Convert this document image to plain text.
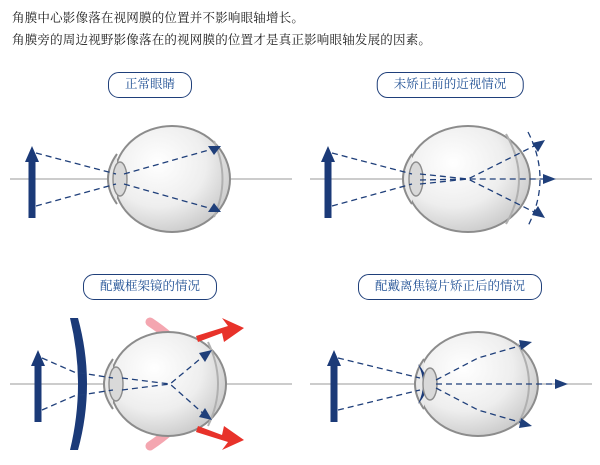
角膜中心影像落在视网膜的位置并不影响眼轴增长。
角膜旁的周边视野影像落在的视网膜的位置才是真正影响眼轴发展的因素。
正常眼睛	未矫正前的近视情况
配戴框架镜的情况	配戴离焦镜片矫正后的情况
